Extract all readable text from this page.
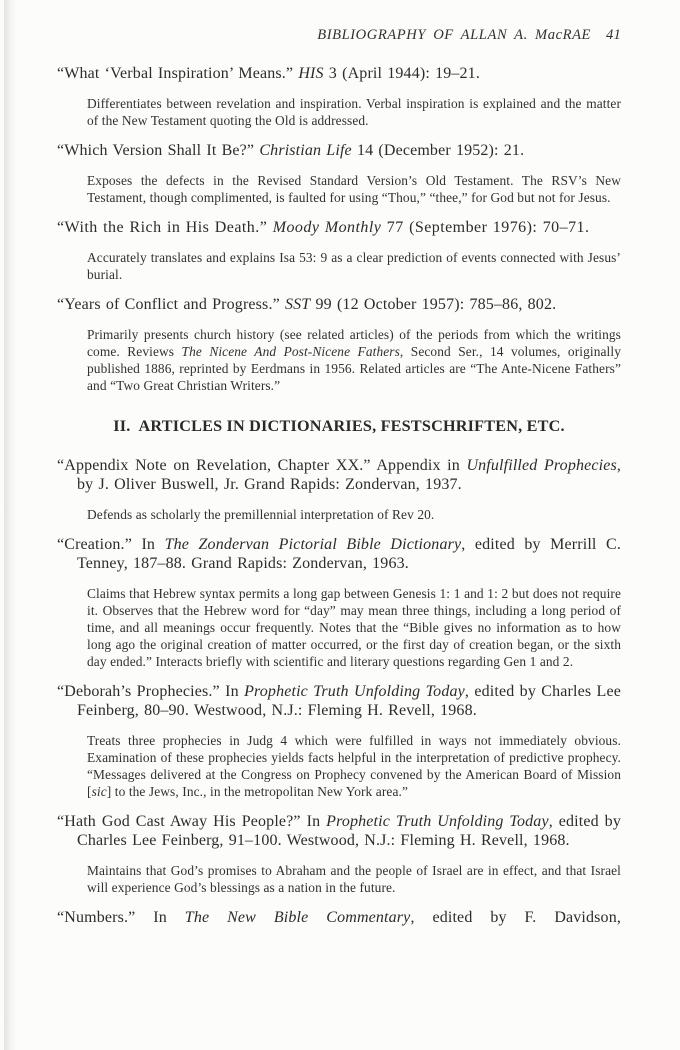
BIBLIOGRAPHY OF ALLAN A. MacRAE 41
“What ‘Verbal Inspiration’ Means.” HIS 3 (April 1944): 19–21.
Differentiates between revelation and inspiration. Verbal inspiration is explained and the matter of the New Testament quoting the Old is addressed.
“Which Version Shall It Be?” Christian Life 14 (December 1952): 21.
Exposes the defects in the Revised Standard Version’s Old Testament. The RSV’s New Testament, though complimented, is faulted for using “Thou,” “thee,” for God but not for Jesus.
“With the Rich in His Death.” Moody Monthly 77 (September 1976): 70–71.
Accurately translates and explains Isa 53: 9 as a clear prediction of events connected with Jesus’ burial.
“Years of Conflict and Progress.” SST 99 (12 October 1957): 785–86, 802.
Primarily presents church history (see related articles) of the periods from which the writings come. Reviews The Nicene And Post-Nicene Fathers, Second Ser., 14 volumes, originally published 1886, reprinted by Eerdmans in 1956. Related articles are “The Ante-Nicene Fathers” and “Two Great Christian Writers.”
II. ARTICLES IN DICTIONARIES, FESTSCHRIFTEN, ETC.
“Appendix Note on Revelation, Chapter XX.” Appendix in Unfulfilled Prophecies, by J. Oliver Buswell, Jr. Grand Rapids: Zondervan, 1937.
Defends as scholarly the premillennial interpretation of Rev 20.
“Creation.” In The Zondervan Pictorial Bible Dictionary, edited by Merrill C. Tenney, 187–88. Grand Rapids: Zondervan, 1963.
Claims that Hebrew syntax permits a long gap between Genesis 1: 1 and 1: 2 but does not require it. Observes that the Hebrew word for “day” may mean three things, including a long period of time, and all meanings occur frequently. Notes that the “Bible gives no information as to how long ago the original creation of matter occurred, or the first day of creation began, or the sixth day ended.” Interacts briefly with scientific and literary questions regarding Gen 1 and 2.
“Deborah’s Prophecies.” In Prophetic Truth Unfolding Today, edited by Charles Lee Feinberg, 80–90. Westwood, N.J.: Fleming H. Revell, 1968.
Treats three prophecies in Judg 4 which were fulfilled in ways not immediately obvious. Examination of these prophecies yields facts helpful in the interpretation of predictive prophecy. “Messages delivered at the Congress on Prophecy convened by the American Board of Mission [sic] to the Jews, Inc., in the metropolitan New York area.”
“Hath God Cast Away His People?” In Prophetic Truth Unfolding Today, edited by Charles Lee Feinberg, 91–100. Westwood, N.J.: Fleming H. Revell, 1968.
Maintains that God’s promises to Abraham and the people of Israel are in effect, and that Israel will experience God’s blessings as a nation in the future.
“Numbers.” In The New Bible Commentary, edited by F. Davidson,
